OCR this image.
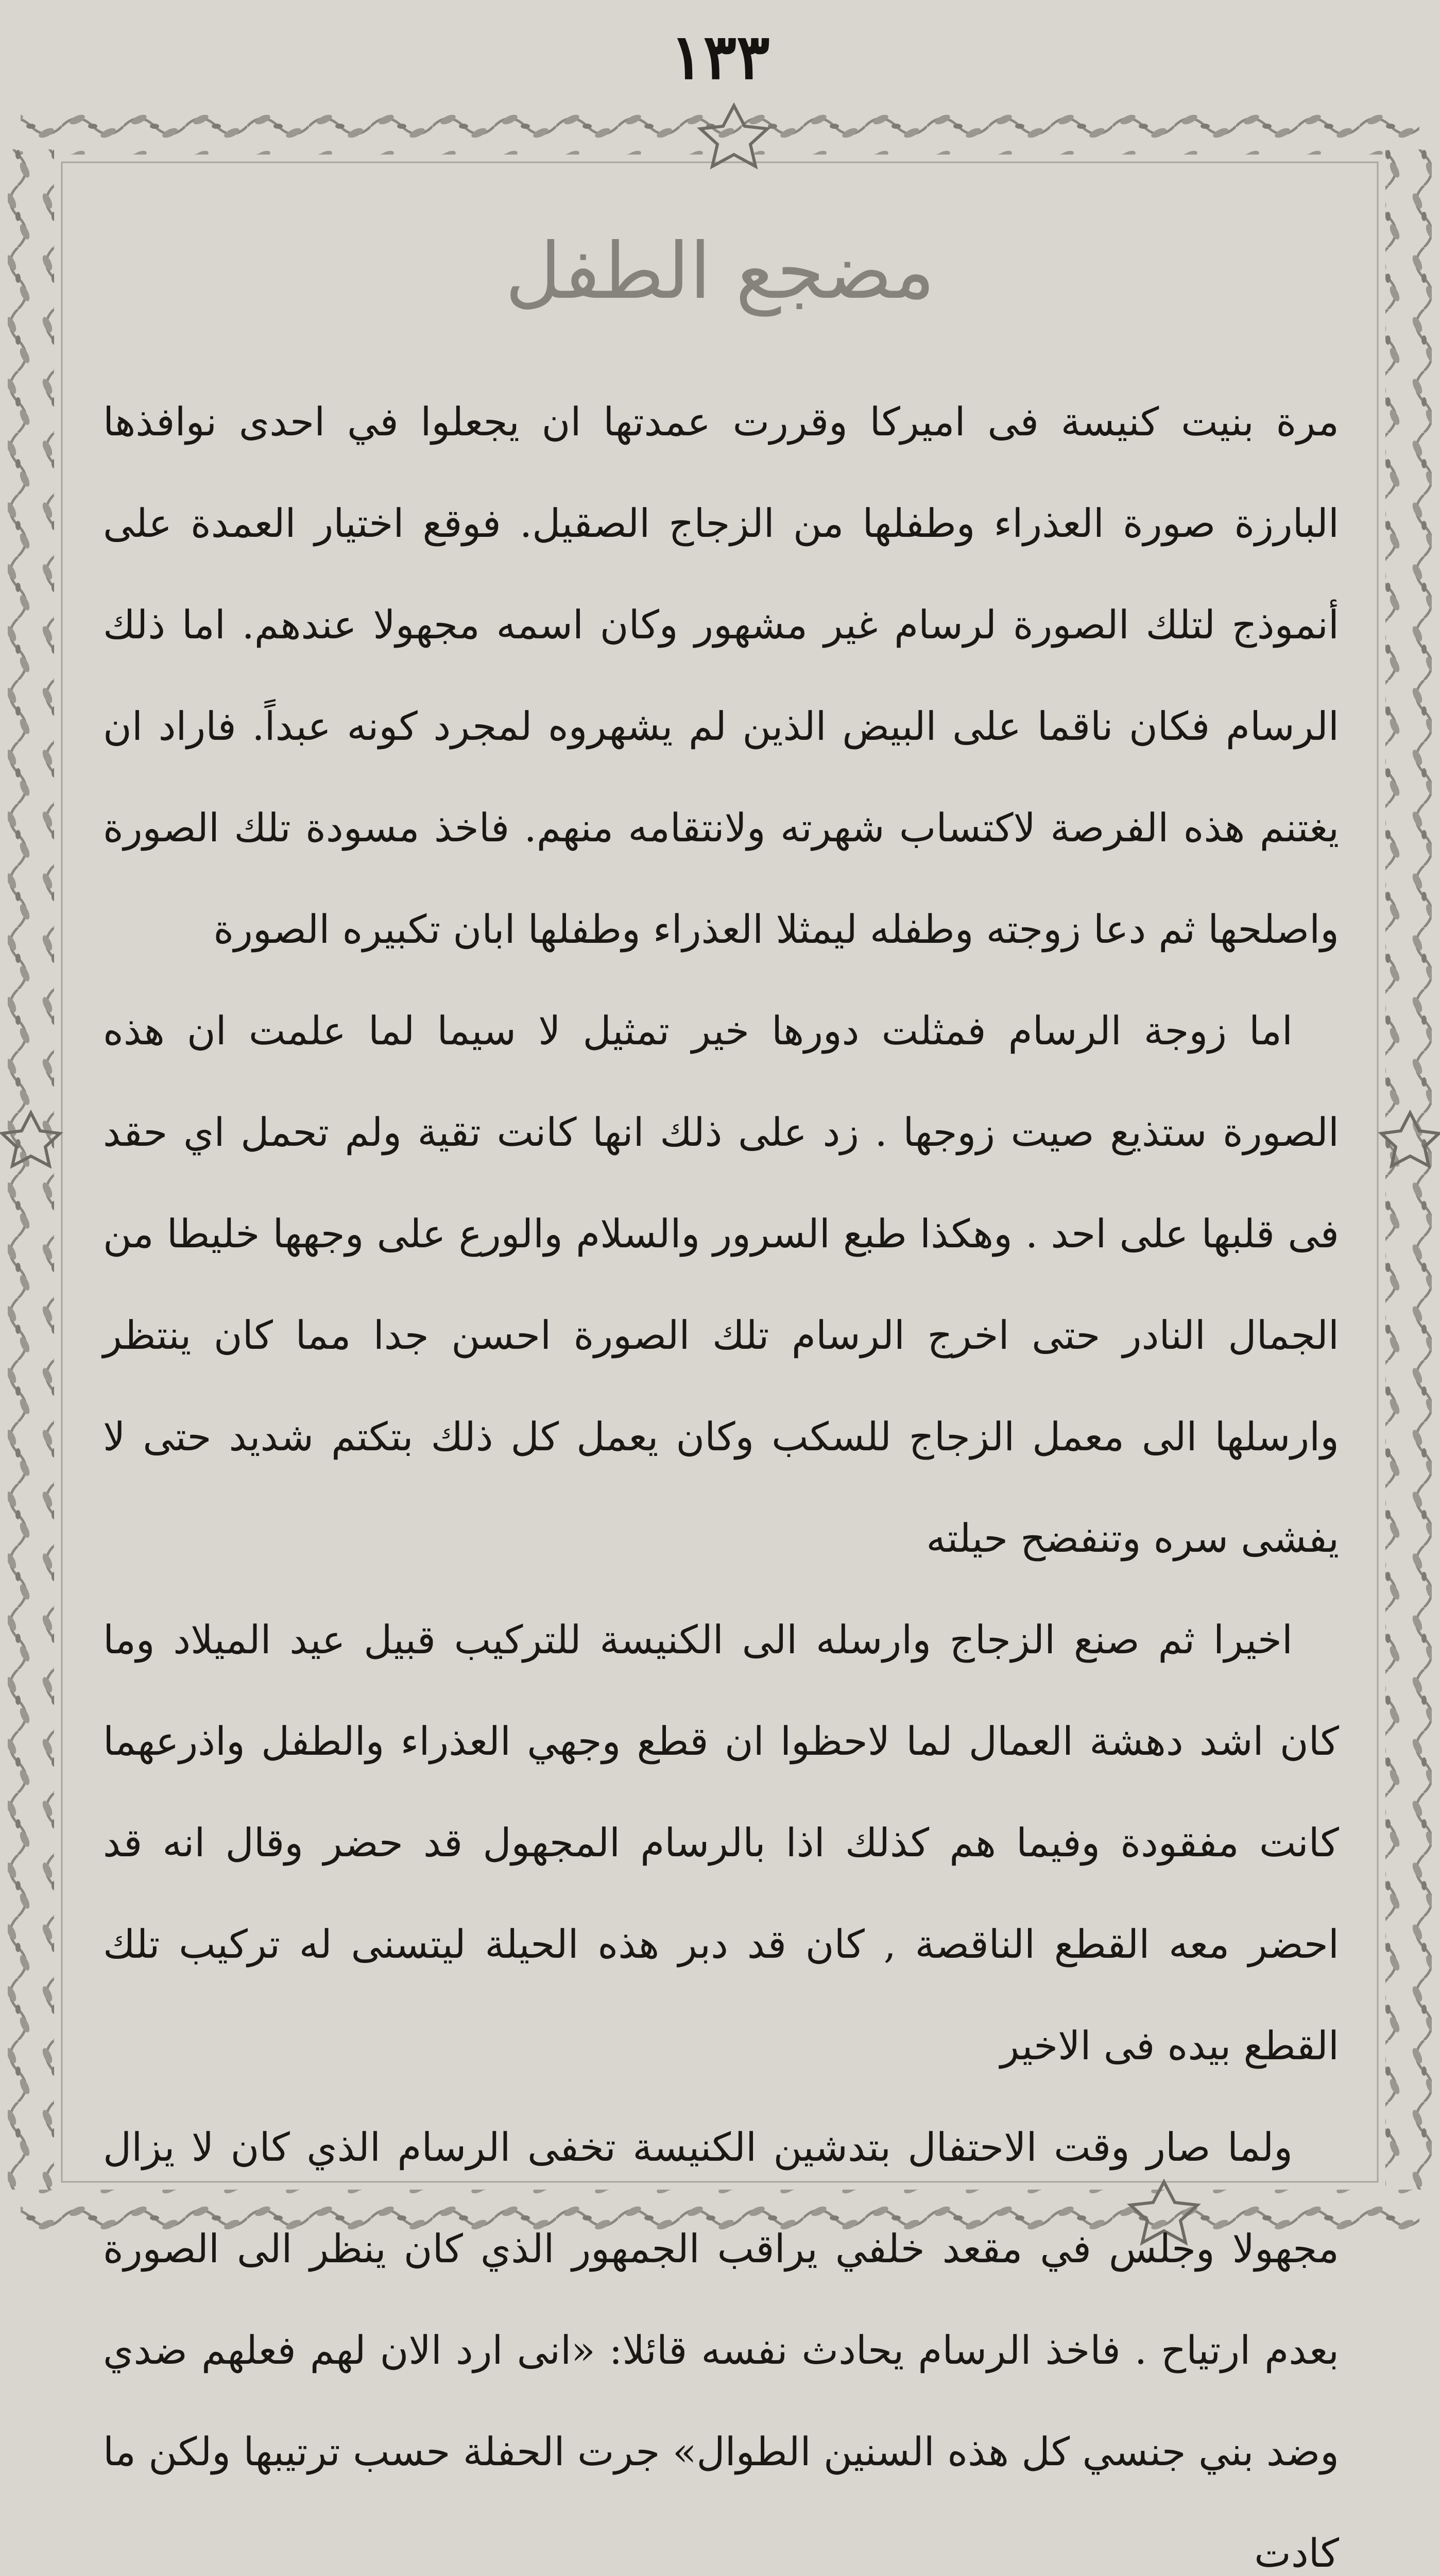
١٣٣
مضجع الطفل

مرة بنيت كنيسة فى اميركا وقررت عمدتها ان يجعلوا في احدى نوافذها البارزة صورة العذراء وطفلها من الزجاج الصقيل. فوقع اختيار العمدة على أنموذج لتلك الصورة لرسام غير مشهور وكان اسمه مجهولا عندهم. اما ذلك الرسام فكان ناقما على البيض الذين لم يشهروه لمجرد كونه عبداً. فاراد ان يغتنم هذه الفرصة لاكتساب شهرته ولانتقامه منهم. فاخذ مسودة تلك الصورة واصلحها ثم دعا زوجته وطفله ليمثلا العذراء وطفلها ابان تكبيره الصورة

اما زوجة الرسام فمثلت دورها خير تمثيل لا سيما لما علمت ان هذه الصورة ستذيع صيت زوجها . زد على ذلك انها كانت تقية ولم تحمل اي حقد فى قلبها على احد . وهكذا طبع السرور والسلام والورع على وجهها خليطا من الجمال النادر حتى اخرج الرسام تلك الصورة احسن جدا مما كان ينتظر وارسلها الى معمل الزجاج للسكب وكان يعمل كل ذلك بتكتم شديد حتى لا يفشى سره وتنفضح حيلته

اخيرا ثم صنع الزجاج وارسله الى الكنيسة للتركيب قبيل عيد الميلاد وما كان اشد دهشة العمال لما لاحظوا ان قطع وجهي العذراء والطفل واذرعهما كانت مفقودة وفيما هم كذلك اذا بالرسام المجهول قد حضر وقال انه قد احضر معه القطع الناقصة , كان قد دبر هذه الحيلة ليتسنى له تركيب تلك القطع بيده فى الاخير

ولما صار وقت الاحتفال بتدشين الكنيسة تخفى الرسام الذي كان لا يزال مجهولا وجلس في مقعد خلفي يراقب الجمهور الذي كان ينظر الى الصورة بعدم ارتياح . فاخذ الرسام يحادث نفسه قائلا: «انى ارد الان لهم فعلهم ضدي وضد بني جنسي كل هذه السنين الطوال» جرت الحفلة حسب ترتيبها ولكن ما كادت
